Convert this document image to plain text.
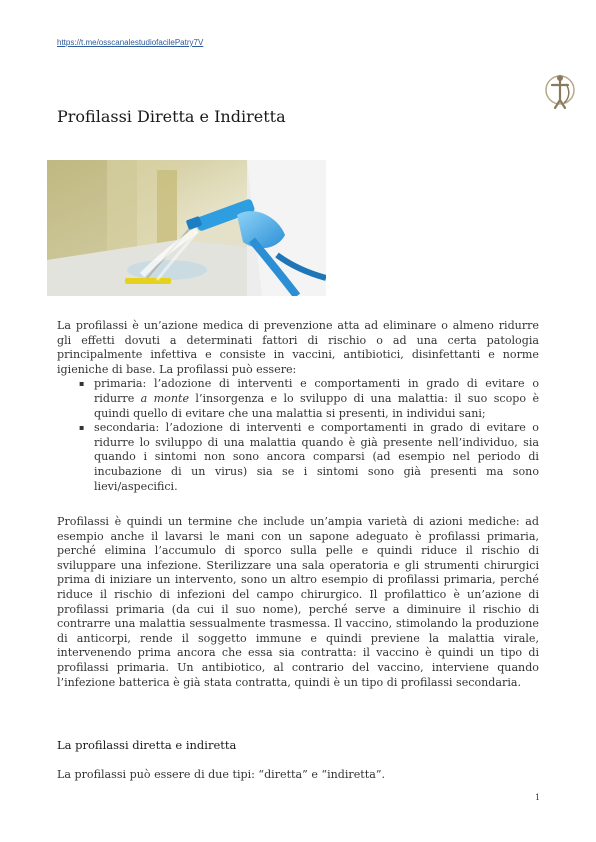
https://t.me/osscanalestudiofacilePatry7V
Profilassi Diretta e Indiretta

La profilassi è un’azione medica di prevenzione atta ad eliminare o almeno ridurre gli effetti dovuti a determinati fattori di rischio o ad una certa patologia principalmente infettiva e consiste in vaccini, antibiotici, disinfettanti e norme igieniche di base. La profilassi può essere:

▪ primaria: l’adozione di interventi e comportamenti in grado di evitare o ridurre a monte l’insorgenza e lo sviluppo di una malattia: il suo scopo è quindi quello di evitare che una malattia si presenti, in individui sani;
▪ secondaria: l’adozione di interventi e comportamenti in grado di evitare o ridurre lo sviluppo di una malattia quando è già presente nell’individuo, sia quando i sintomi non sono ancora comparsi (ad esempio nel periodo di incubazione di un virus) sia se i sintomi sono già presenti ma sono lievi/aspecifici.

Profilassi è quindi un termine che include un’ampia varietà di azioni mediche: ad esempio anche il lavarsi le mani con un sapone adeguato è profilassi primaria, perché elimina l’accumulo di sporco sulla pelle e quindi riduce il rischio di sviluppare una infezione. Sterilizzare una sala operatoria e gli strumenti chirurgici prima di iniziare un intervento, sono un altro esempio di profilassi primaria, perché riduce il rischio di infezioni del campo chirurgico. Il profilattico è un’azione di profilassi primaria (da cui il suo nome), perché serve a diminuire il rischio di contrarre una malattia sessualmente trasmessa. Il vaccino, stimolando la produzione di anticorpi, rende il soggetto immune e quindi previene la malattia virale, intervenendo prima ancora che essa sia contratta: il vaccino è quindi un tipo di profilassi primaria. Un antibiotico, al contrario del vaccino, interviene quando l’infezione batterica è già stata contratta, quindi è un tipo di profilassi secondaria.

La profilassi diretta e indiretta

La profilassi può essere di due tipi: “diretta” e “indiretta”.

1
